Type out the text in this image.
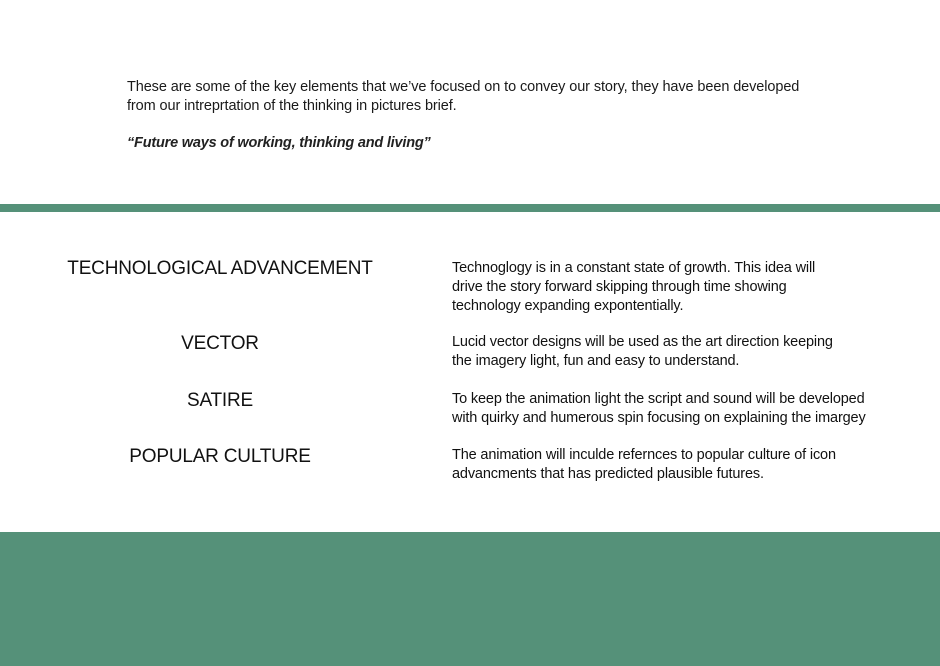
These are some of the key elements that we’ve focused on to convey our story, they have been developed
from our intreprtation of the thinking in pictures brief.
“Future ways of working, thinking and living”
TECHNOLOGICAL ADVANCEMENT	Technoglogy is in a constant state of growth. This idea will
drive the story forward skipping through time showing
technology expanding expontentially.
VECTOR	Lucid vector designs will be used as the art direction keeping
the imagery light, fun and easy to understand.
SATIRE	To keep the animation light the script and sound will be developed
with quirky and humerous spin focusing on explaining the imargey
POPULAR CULTURE	The animation will inculde refernces to popular culture of icon
advancments that has predicted plausible futures.
